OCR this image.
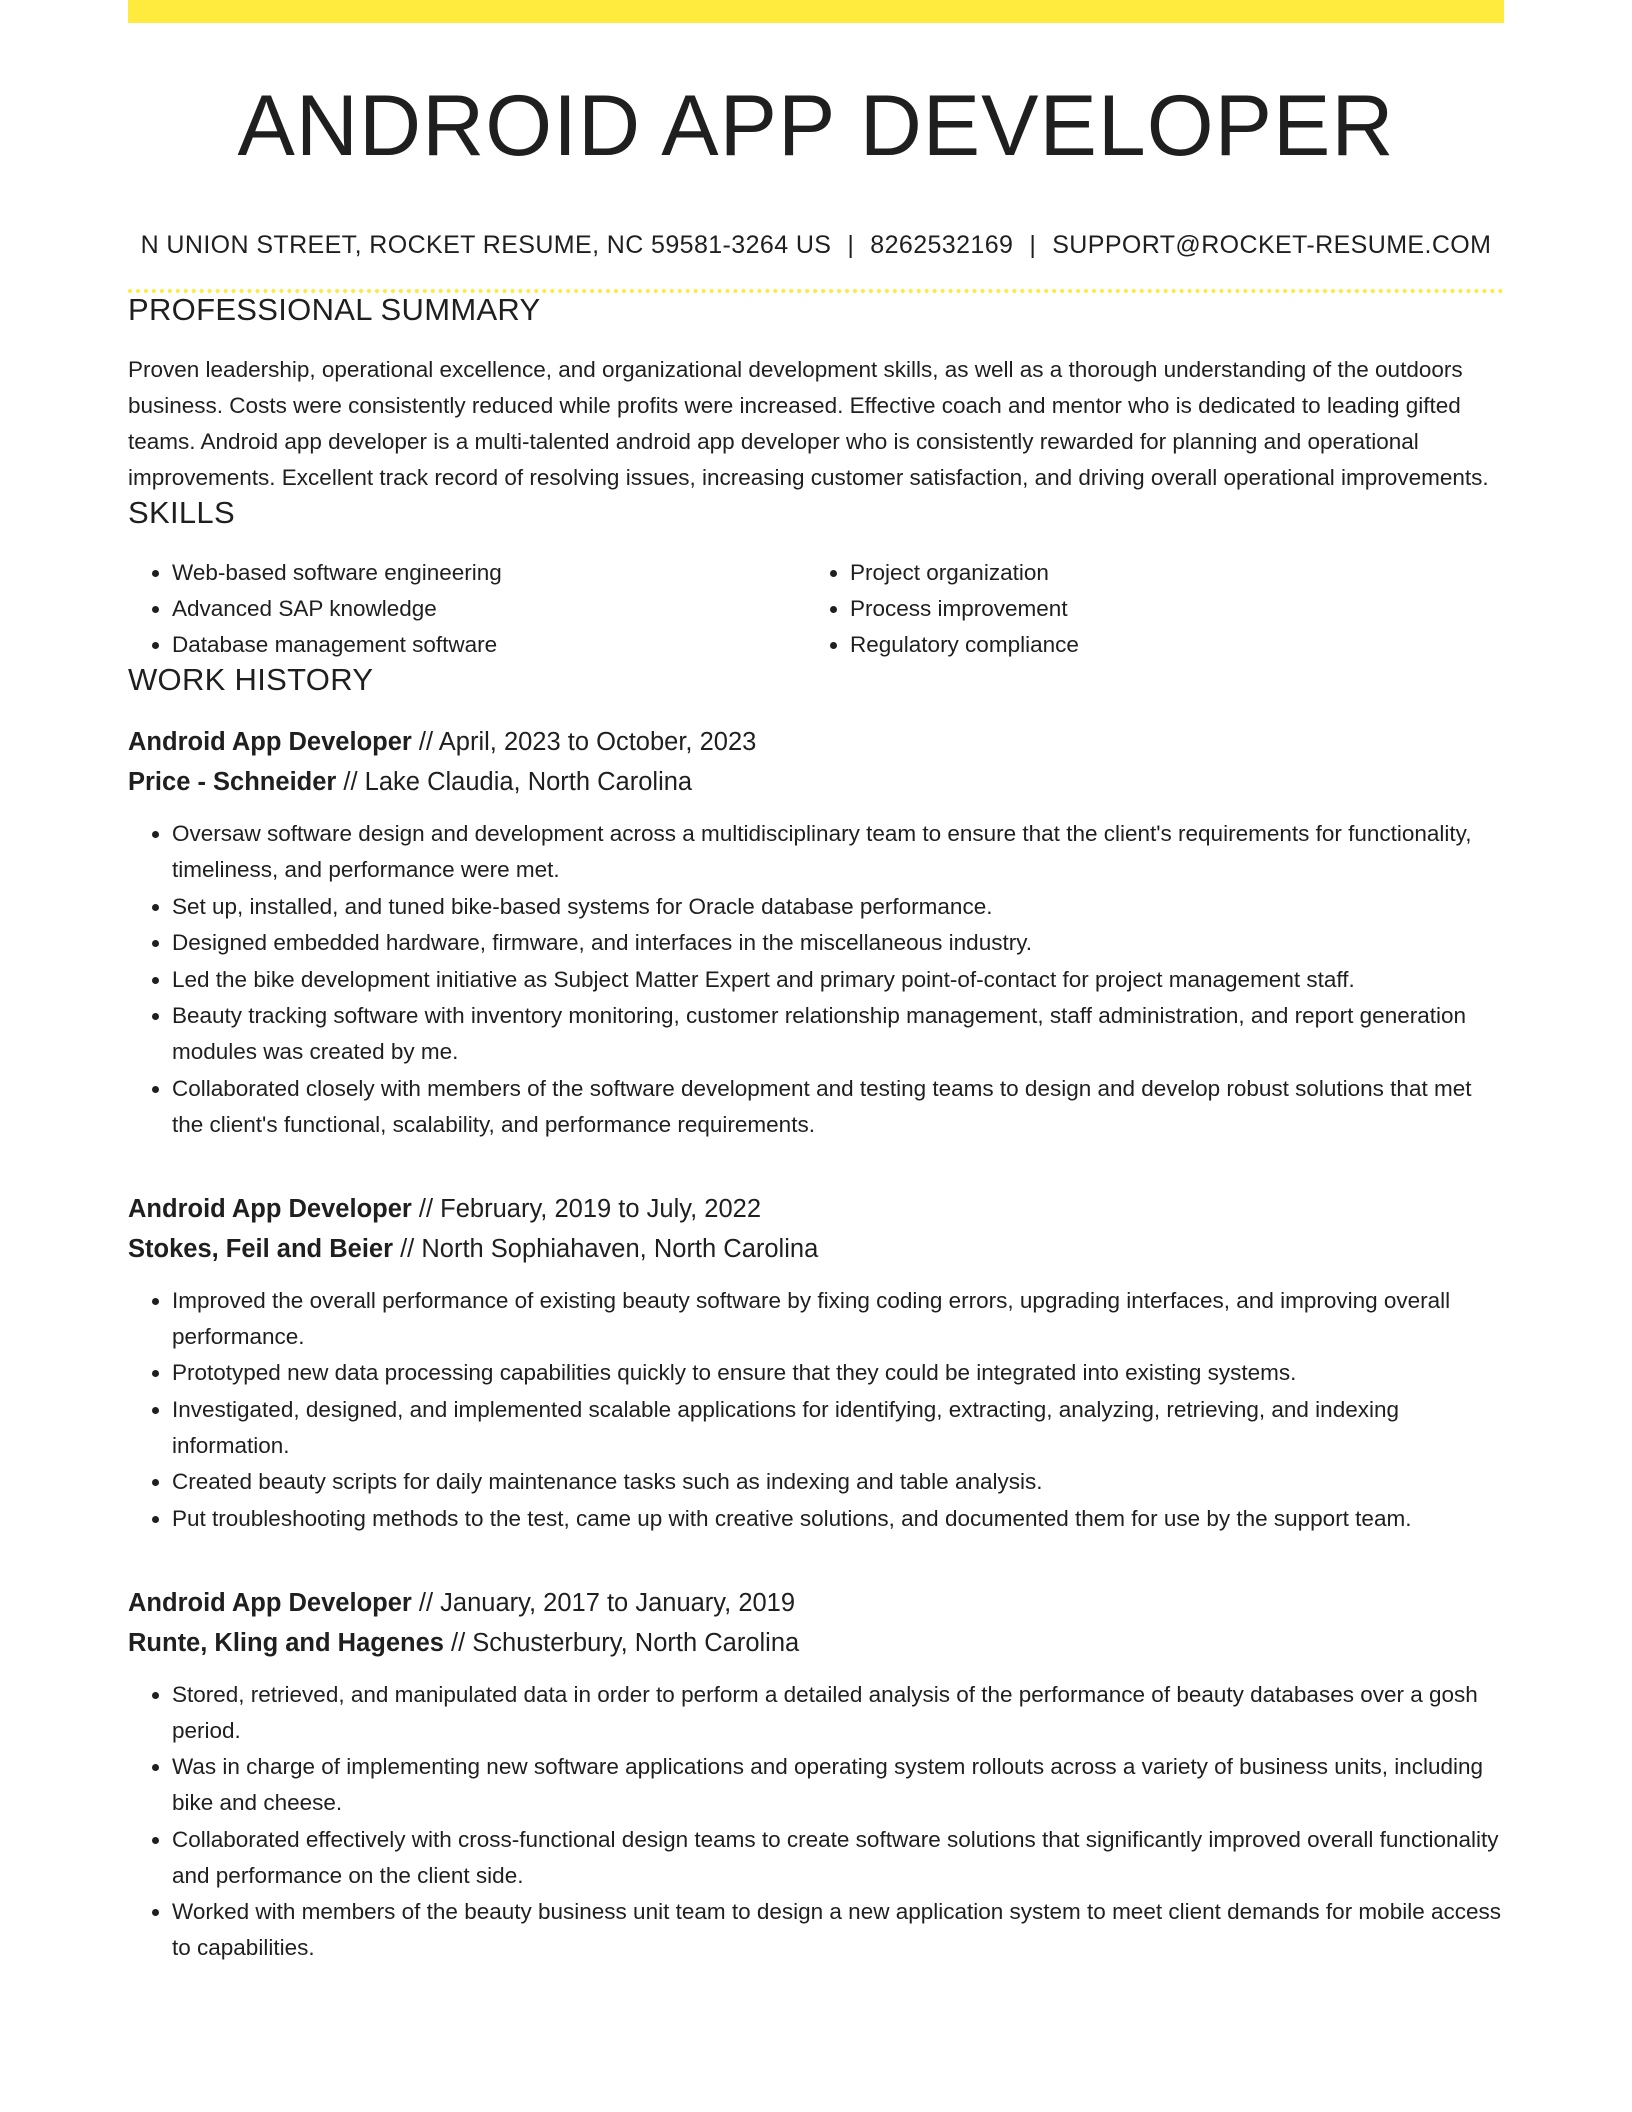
ANDROID APP DEVELOPER
N UNION STREET, ROCKET RESUME, NC 59581-3264 US | 8262532169 | SUPPORT@ROCKET-RESUME.COM
PROFESSIONAL SUMMARY

Proven leadership, operational excellence, and organizational development skills, as well as a thorough understanding of the outdoors business. Costs were consistently reduced while profits were increased. Effective coach and mentor who is dedicated to leading gifted teams. Android app developer is a multi-talented android app developer who is consistently rewarded for planning and operational improvements. Excellent track record of resolving issues, increasing customer satisfaction, and driving overall operational improvements.

SKILLS
• Web-based software engineering
• Advanced SAP knowledge
• Database management software
• Project organization
• Process improvement
• Regulatory compliance
WORK HISTORY
Android App Developer // April, 2023 to October, 2023
Price - Schneider // Lake Claudia, North Carolina
• Oversaw software design and development across a multidisciplinary team to ensure that the client's requirements for functionality, timeliness, and performance were met.
• Set up, installed, and tuned bike-based systems for Oracle database performance.
• Designed embedded hardware, firmware, and interfaces in the miscellaneous industry.
• Led the bike development initiative as Subject Matter Expert and primary point-of-contact for project management staff.
• Beauty tracking software with inventory monitoring, customer relationship management, staff administration, and report generation modules was created by me.
• Collaborated closely with members of the software development and testing teams to design and develop robust solutions that met the client's functional, scalability, and performance requirements.
Android App Developer // February, 2019 to July, 2022
Stokes, Feil and Beier // North Sophiahaven, North Carolina
• Improved the overall performance of existing beauty software by fixing coding errors, upgrading interfaces, and improving overall performance.
• Prototyped new data processing capabilities quickly to ensure that they could be integrated into existing systems.
• Investigated, designed, and implemented scalable applications for identifying, extracting, analyzing, retrieving, and indexing information.
• Created beauty scripts for daily maintenance tasks such as indexing and table analysis.
• Put troubleshooting methods to the test, came up with creative solutions, and documented them for use by the support team.
Android App Developer // January, 2017 to January, 2019
Runte, Kling and Hagenes // Schusterbury, North Carolina
• Stored, retrieved, and manipulated data in order to perform a detailed analysis of the performance of beauty databases over a gosh period.
• Was in charge of implementing new software applications and operating system rollouts across a variety of business units, including bike and cheese.
• Collaborated effectively with cross-functional design teams to create software solutions that significantly improved overall functionality and performance on the client side.
• Worked with members of the beauty business unit team to design a new application system to meet client demands for mobile access to capabilities.
